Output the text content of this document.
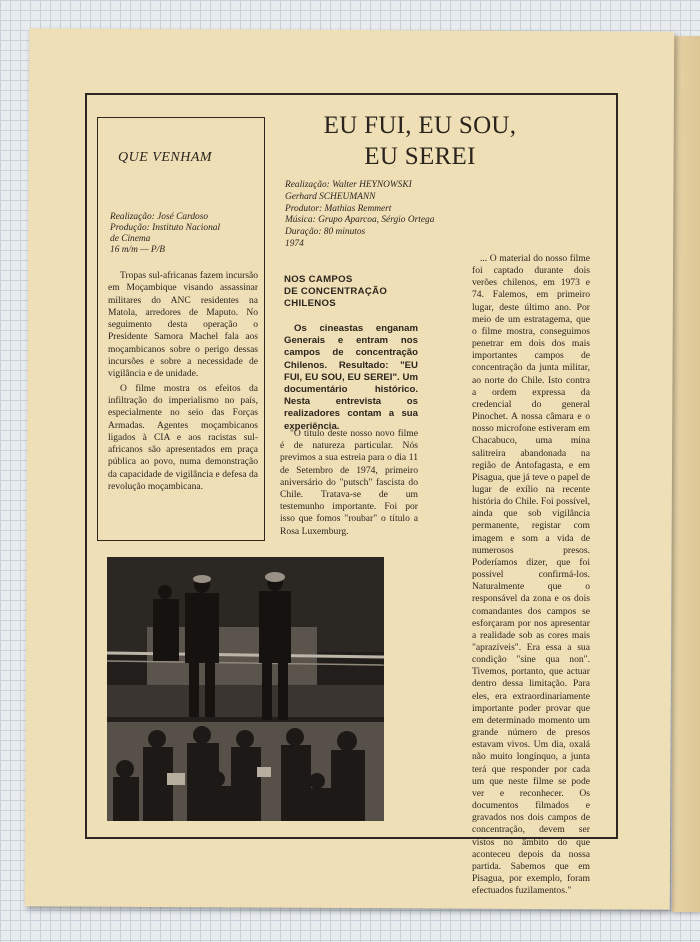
QUE VENHAM
Realização: José Cardoso
Produção: Instituto Nacional
de Cinema
16 m/m — P/B

Tropas sul-africanas fazem incursão em Moçambique visando assassinar militares do ANC residentes na Matola, arredores de Maputo. No seguimento desta operação o Presidente Samora Machel fala aos moçambicanos sobre o perigo dessas incursões e sobre a necessidade de vigilância e de unidade.

O filme mostra os efeitos da infiltração do imperialismo no país, especialmente no seio das Forças Armadas. Agentes moçambicanos ligados à CIA e aos racistas sul-africanos são apresentados em praça pública ao povo, numa demonstração da capacidade de vigilância e defesa da revolução moçambicana.

EU FUI, EU SOU,
EU SEREI
Realização: Walter HEYNOWSKI
Gerhard SCHEUMANN
Produtor: Mathias Remmert
Música: Grupo Aparcoa, Sérgio Ortega
Duração: 80 minutos
1974
NOS CAMPOS
DE CONCENTRAÇÃO
CHILENOS

Os cineastas enganam Generais e entram nos campos de concentração Chilenos. Resultado: "EU FUI, EU SOU, EU SEREI". Um documentário histórico. Nesta entrevista os realizadores contam a sua experiência.

"O título deste nosso novo filme é de natureza particular. Nós previmos a sua estreia para o dia 11 de Setembro de 1974, primeiro aniversário do "putsch" fascista do Chile. Tratava-se de um testemunho importante. Foi por isso que fomos "roubar" o título a Rosa Luxemburg.

... O material do nosso filme foi captado durante dois verões chilenos, em 1973 e 74. Falemos, em primeiro lugar, deste último ano. Por meio de um estratagema, que o filme mostra, conseguimos penetrar em dois dos mais importantes campos de concentração da junta militar, ao norte do Chile. Isto contra a ordem expressa da credencial do general Pinochet. A nossa câmara e o nosso microfone estiveram em Chacabuco, uma mina salitreira abandonada na região de Antofagasta, e em Pisagua, que já teve o papel de lugar de exílio na recente história do Chile. Foi possível, ainda que sob vigilância permanente, registar com imagem e som a vida de numerosos presos. Poderíamos dizer, que foi possível confirmá-los. Naturalmente que o responsável da zona e os dois comandantes dos campos se esforçaram por nos apresentar a realidade sob as cores mais "aprazíveis". Era essa a sua condição "sine qua non". Tivemos, portanto, que actuar dentro dessa limitação. Para eles, era extraordinariamente importante poder provar que em determinado momento um grande número de presos estavam vivos. Um dia, oxalá não muito longínquo, a junta terá que responder por cada um que neste filme se pode ver e reconhecer. Os documentos filmados e gravados nos dois campos de concentração, devem ser vistos no âmbito do que aconteceu depois da nossa partida. Sabemos que em Pisagua, por exemplo, foram efectuados fuzilamentos."
